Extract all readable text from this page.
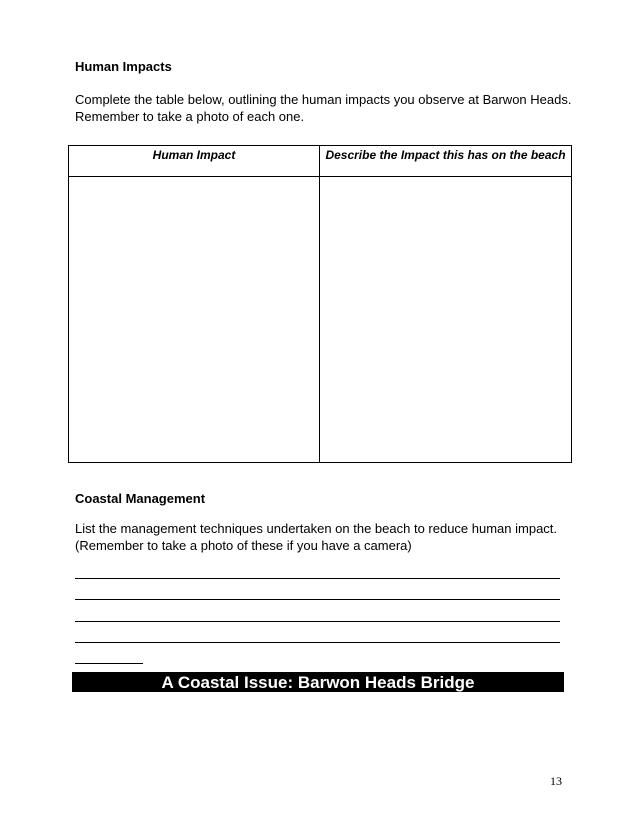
Human Impacts
Complete the table below, outlining the human impacts you observe at Barwon Heads. Remember to take a photo of each one.
Human Impact	Describe the Impact this has on the beach

Coastal Management
List the management techniques undertaken on the beach to reduce human impact. (Remember to take a photo of these if you have a camera)
A Coastal Issue: Barwon Heads Bridge
13
